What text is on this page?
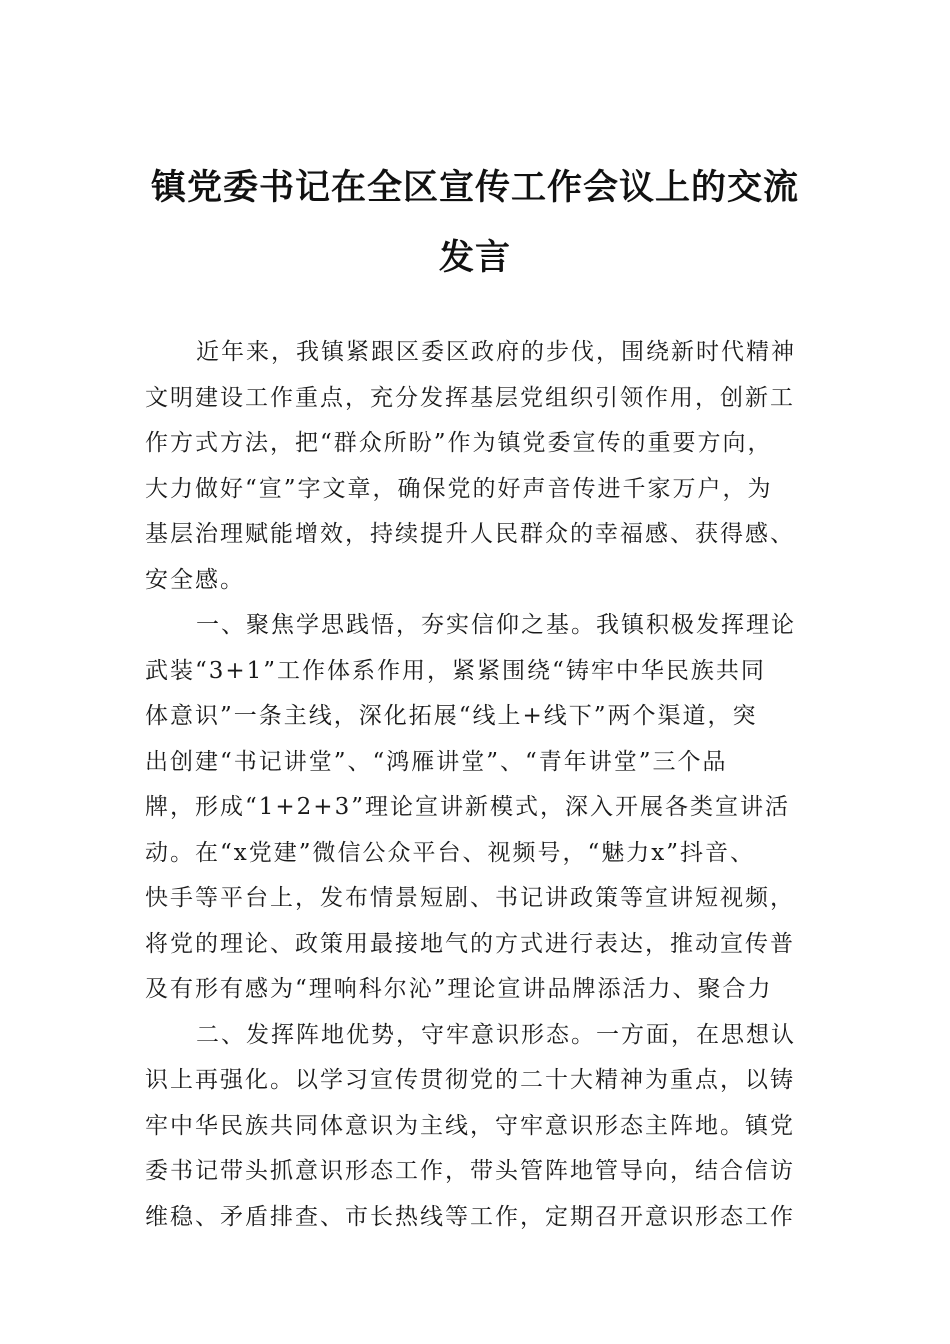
镇党委书记在全区宣传工作会议上的交流
发言
近年来，我镇紧跟区委区政府的步伐，围绕新时代精神
文明建设工作重点，充分发挥基层党组织引领作用，创新工
作方式方法，把“群众所盼”作为镇党委宣传的重要方向，
大力做好“宣”字文章，确保党的好声音传进千家万户，为
基层治理赋能增效，持续提升人民群众的幸福感、获得感、
安全感。
一、聚焦学思践悟，夯实信仰之基。我镇积极发挥理论
武装“3+1”工作体系作用，紧紧围绕“铸牢中华民族共同
体意识”一条主线，深化拓展“线上+线下”两个渠道，突
出创建“书记讲堂”、“鸿雁讲堂”、“青年讲堂”三个品
牌，形成“1+2+3”理论宣讲新模式，深入开展各类宣讲活
动。在“x党建”微信公众平台、视频号，“魅力x”抖音、
快手等平台上，发布情景短剧、书记讲政策等宣讲短视频，
将党的理论、政策用最接地气的方式进行表达，推动宣传普
及有形有感为“理响科尔沁”理论宣讲品牌添活力、聚合力
二、发挥阵地优势，守牢意识形态。一方面，在思想认
识上再强化。以学习宣传贯彻党的二十大精神为重点，以铸
牢中华民族共同体意识为主线，守牢意识形态主阵地。镇党
委书记带头抓意识形态工作，带头管阵地管导向，结合信访
维稳、矛盾排查、市长热线等工作，定期召开意识形态工作
